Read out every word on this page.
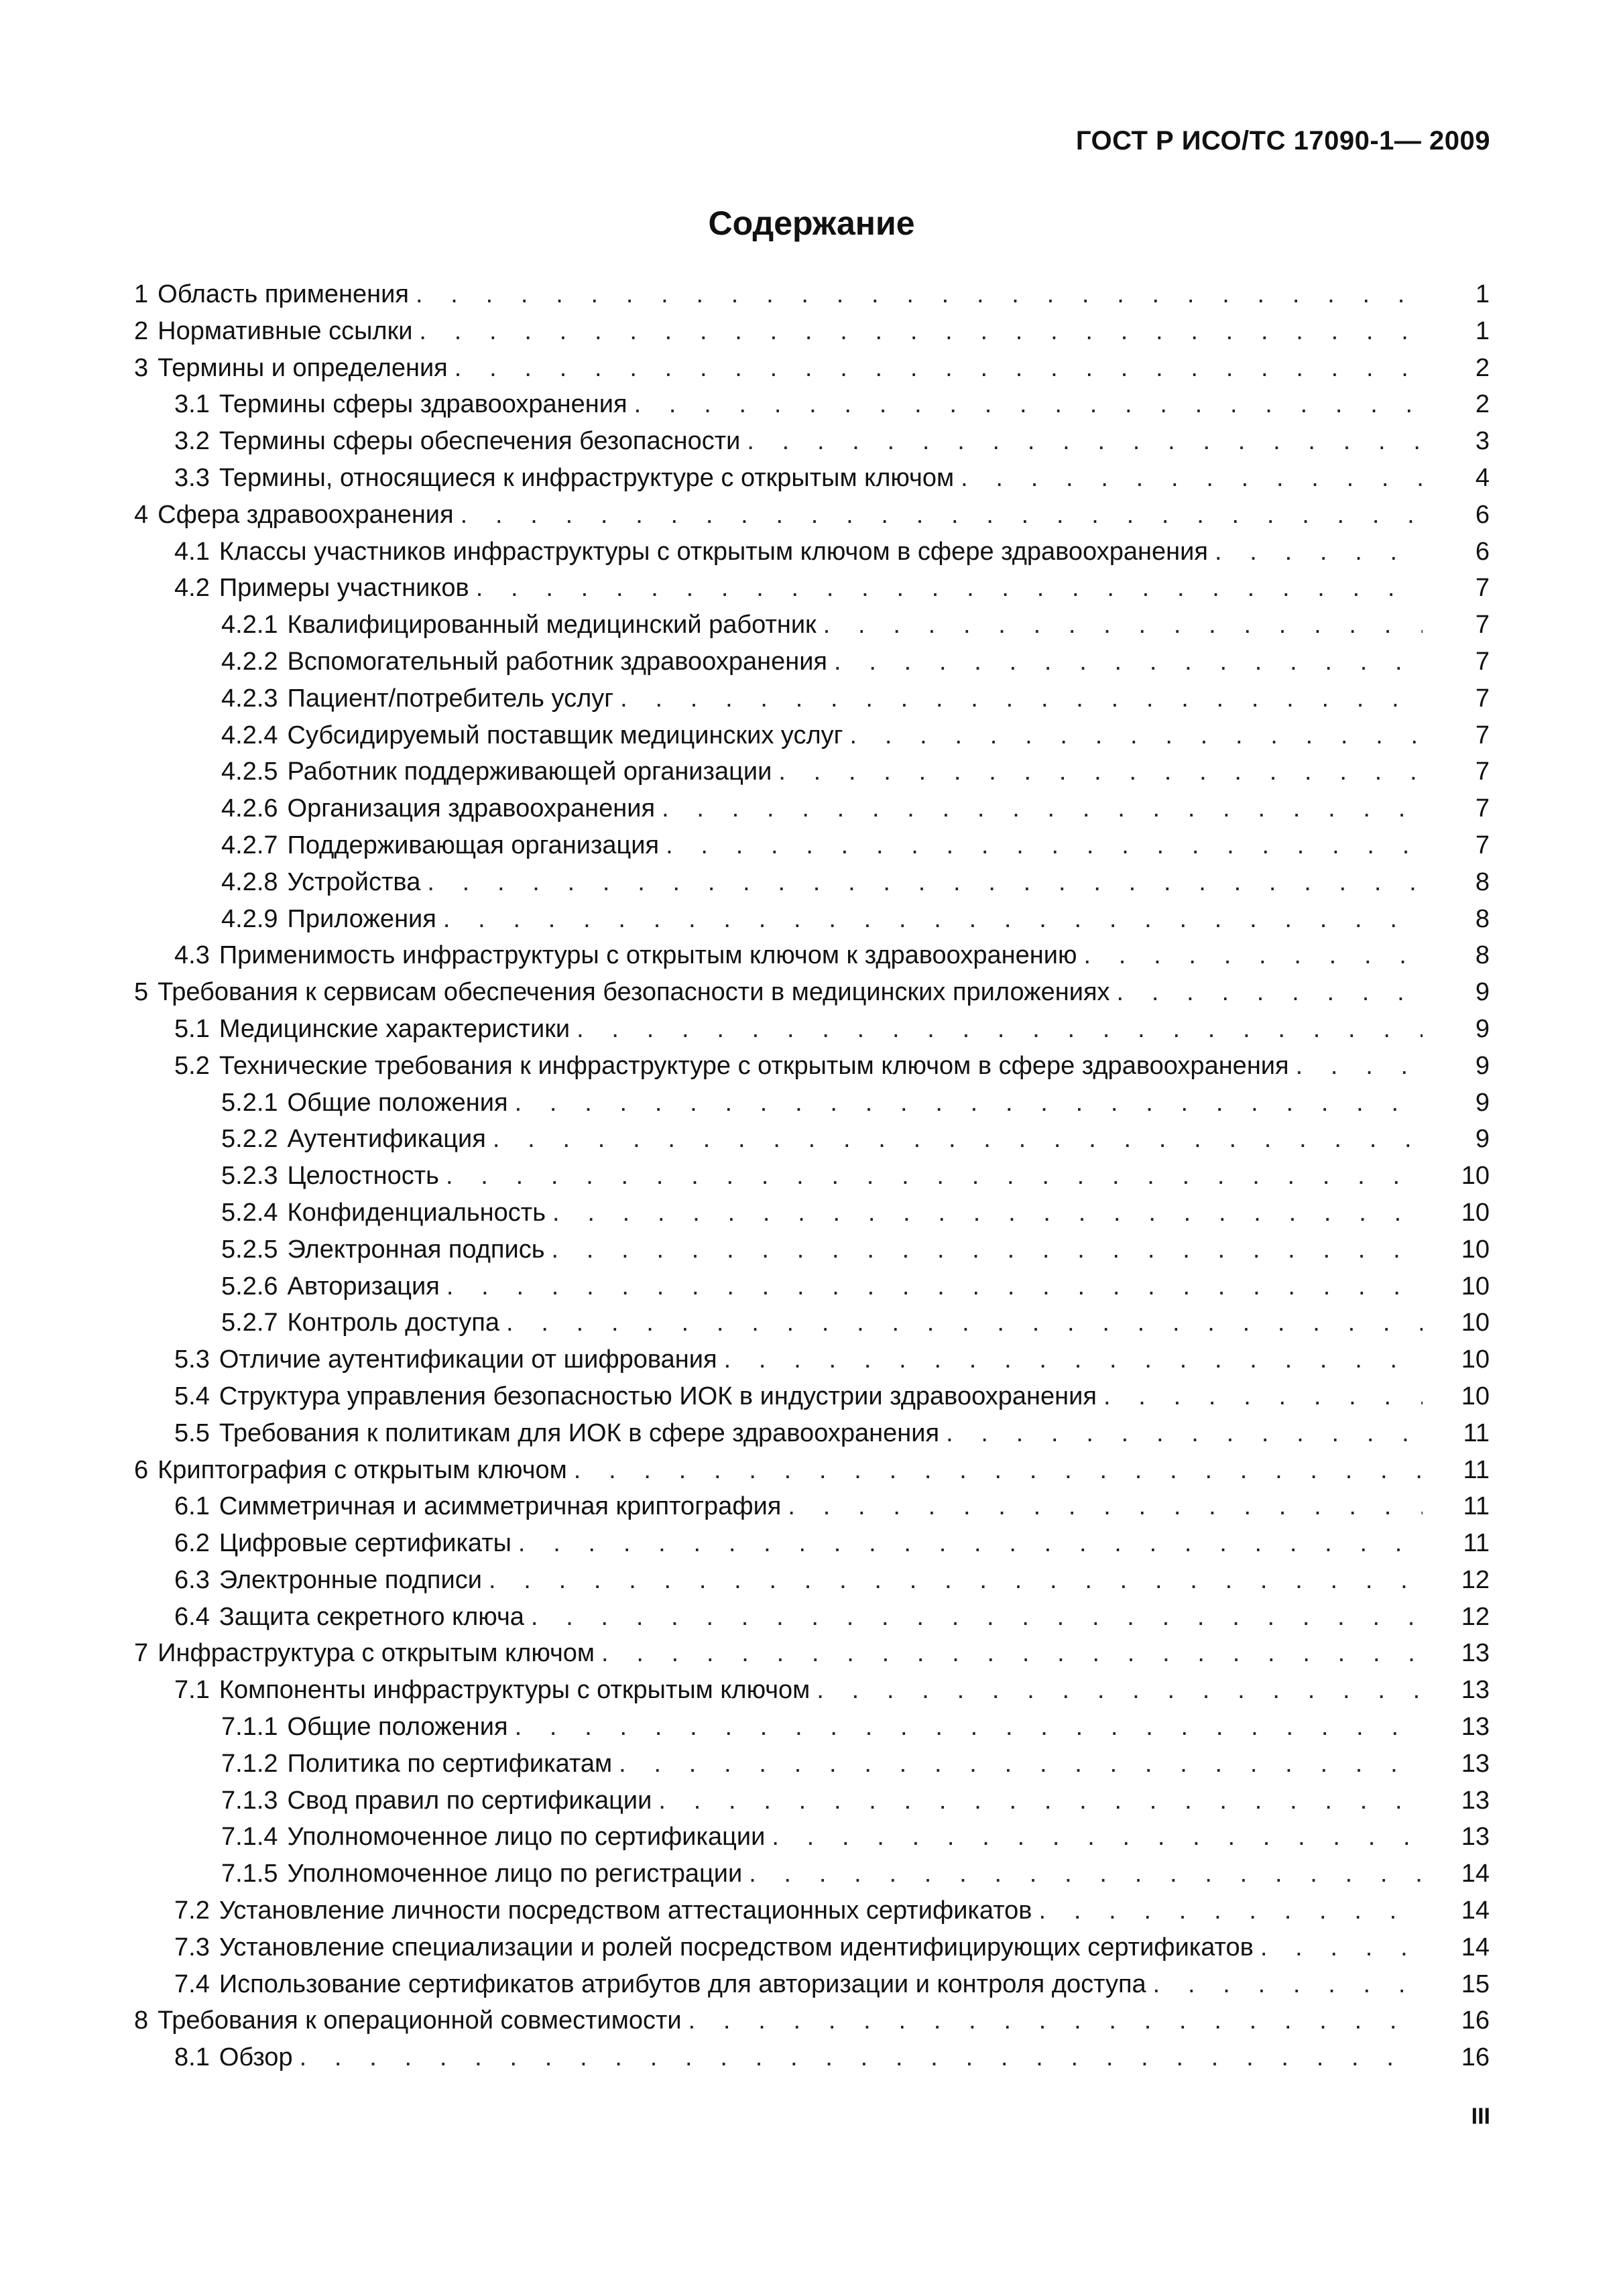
ГОСТ Р ИСО/ТС 17090-1— 2009
Содержание
1 Область применения . . .	1
2 Нормативные ссылки . . .	1
3 Термины и определения . . .	2
3.1 Термины сферы здравоохранения . . .	2
3.2 Термины сферы обеспечения безопасности . . .	3
3.3 Термины, относящиеся к инфраструктуре с открытым ключом . . .	4
4 Сфера здравоохранения . . .	6
4.1 Классы участников инфраструктуры с открытым ключом в сфере здравоохранения . . .	6
4.2 Примеры участников . . .	7
4.2.1 Квалифицированный медицинский работник . . .	7
4.2.2 Вспомогательный работник здравоохранения . . .	7
4.2.3 Пациент/потребитель услуг . . .	7
4.2.4 Субсидируемый поставщик медицинских услуг . . .	7
4.2.5 Работник поддерживающей организации . . .	7
4.2.6 Организация здравоохранения . . .	7
4.2.7 Поддерживающая организация . . .	7
4.2.8 Устройства . . .	8
4.2.9 Приложения . . .	8
4.3 Применимость инфраструктуры с открытым ключом к здравоохранению . . .	8
5 Требования к сервисам обеспечения безопасности в медицинских приложениях . . .	9
5.1 Медицинские характеристики . . .	9
5.2 Технические требования к инфраструктуре с открытым ключом в сфере здравоохранения . . .	9
5.2.1 Общие положения . . .	9
5.2.2 Аутентификация . . .	9
5.2.3 Целостность . . .	10
5.2.4 Конфиденциальность . . .	10
5.2.5 Электронная подпись . . .	10
5.2.6 Авторизация . . .	10
5.2.7 Контроль доступа . . .	10
5.3 Отличие аутентификации от шифрования . . .	10
5.4 Структура управления безопасностью ИОК в индустрии здравоохранения . . .	10
5.5 Требования к политикам для ИОК в сфере здравоохранения . . .	11
6 Криптография с открытым ключом . . .	11
6.1 Симметричная и асимметричная криптография . . .	11
6.2 Цифровые сертификаты . . .	11
6.3 Электронные подписи . . .	12
6.4 Защита секретного ключа . . .	12
7 Инфраструктура с открытым ключом . . .	13
7.1 Компоненты инфраструктуры с открытым ключом . . .	13
7.1.1 Общие положения . . .	13
7.1.2 Политика по сертификатам . . .	13
7.1.3 Свод правил по сертификации . . .	13
7.1.4 Уполномоченное лицо по сертификации . . .	13
7.1.5 Уполномоченное лицо по регистрации . . .	14
7.2 Установление личности посредством аттестационных сертификатов . . .	14
7.3 Установление специализации и ролей посредством идентифицирующих сертификатов . . .	14
7.4 Использование сертификатов атрибутов для авторизации и контроля доступа . . .	15
8 Требования к операционной совместимости . . .	16
8.1 Обзор . . .	16
III
